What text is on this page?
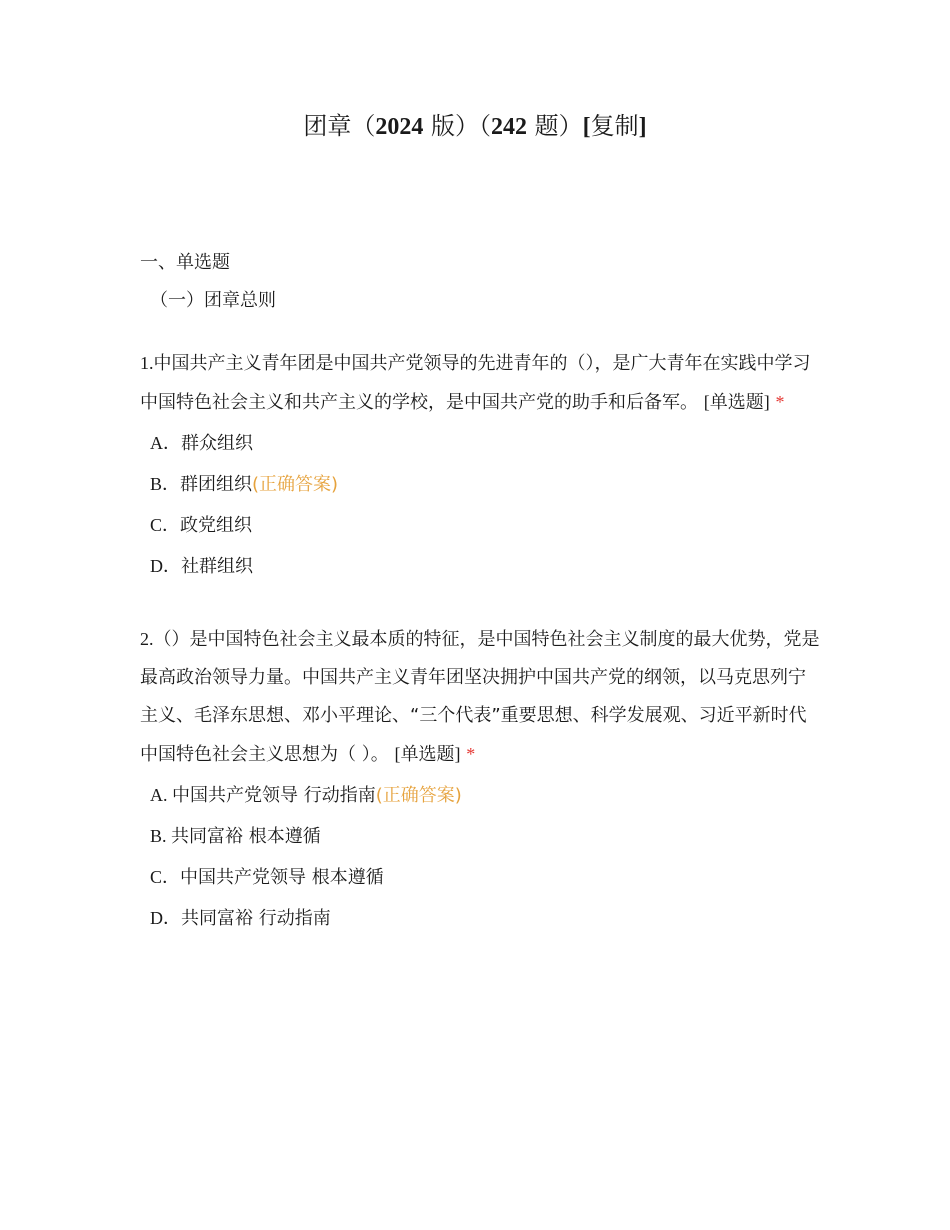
团章（2024 版）（242 题）[复制]

一、单选题

（一）团章总则

1.中国共产主义青年团是中国共产党领导的先进青年的（），是广大青年在实践中学习中国特色社会主义和共产主义的学校，是中国共产党的助手和后备军。 [单选题] *

A．群众组织
B．群团组织(正确答案)
C．政党组织
D．社群组织

2.（）是中国特色社会主义最本质的特征，是中国特色社会主义制度的最大优势，党是最高政治领导力量。中国共产主义青年团坚决拥护中国共产党的纲领，以马克思列宁主义、毛泽东思想、邓小平理论、“三个代表”重要思想、科学发展观、习近平新时代中国特色社会主义思想为（ ）。 [单选题] *

A. 中国共产党领导 行动指南(正确答案)
B. 共同富裕 根本遵循
C．中国共产党领导 根本遵循
D．共同富裕 行动指南
